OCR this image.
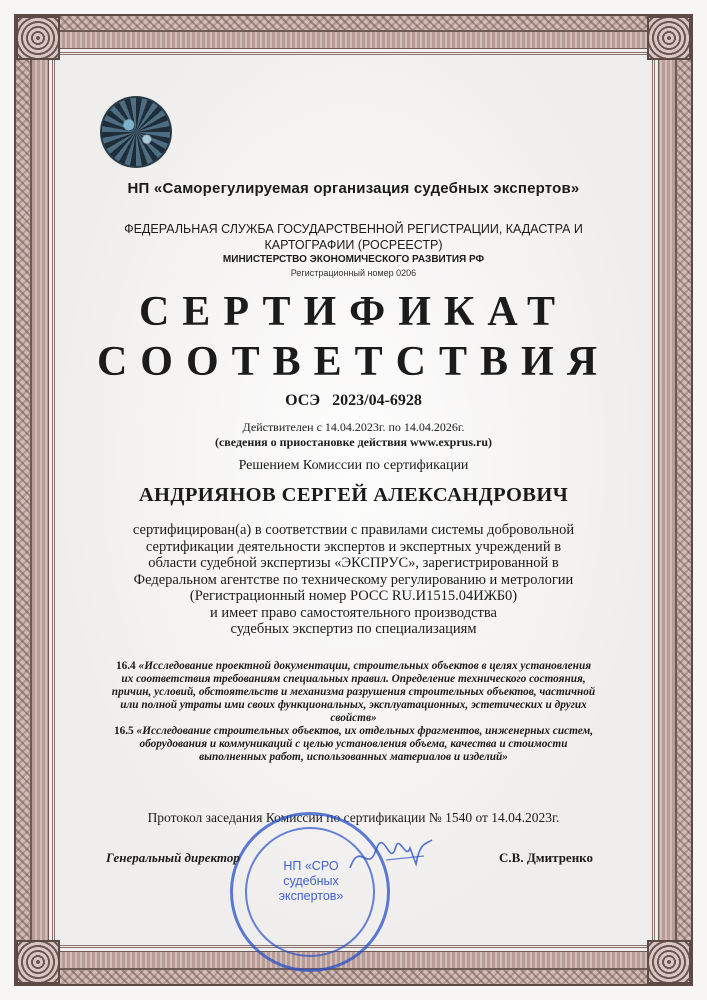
НП «Саморегулируемая организация судебных экспертов»
ФЕДЕРАЛЬНАЯ СЛУЖБА ГОСУДАРСТВЕННОЙ РЕГИСТРАЦИИ, КАДАСТРА И
КАРТОГРАФИИ (РОСРЕЕСТР)
МИНИСТЕРСТВО ЭКОНОМИЧЕСКОГО РАЗВИТИЯ РФ
Регистрационный номер 0206
СЕРТИФИКАТ
СООТВЕТСТВИЯ
ОСЭ 2023/04-6928
Действителен с 14.04.2023г. по 14.04.2026г.
(сведения о приостановке действия www.exprus.ru)
Решением Комиссии по сертификации
АНДРИЯНОВ СЕРГЕЙ АЛЕКСАНДРОВИЧ
сертифицирован(а) в соответствии с правилами системы добровольной
сертификации деятельности экспертов и экспертных учреждений в
области судебной экспертизы «ЭКСПРУС», зарегистрированной в
Федеральном агентстве по техническому регулированию и метрологии
(Регистрационный номер РОСС RU.И1515.04ИЖБ0)
и имеет право самостоятельного производства
судебных экспертиз по специализациям
16.4 «Исследование проектной документации, строительных объектов в целях установления их соответствия требованиям специальных правил. Определение технического состояния, причин, условий, обстоятельств и механизма разрушения строительных объектов, частичной или полной утраты ими своих функциональных, эксплуатационных, эстетических и других свойств»
16.5 «Исследование строительных объектов, их отдельных фрагментов, инженерных систем, оборудования и коммуникаций с целью установления объема, качества и стоимости выполненных работ, использованных материалов и изделий»
Протокол заседания Комиссии по сертификации № 1540 от 14.04.2023г.
НП «СРО судебных экспертов»
Генеральный директор	С.В. Дмитренко
